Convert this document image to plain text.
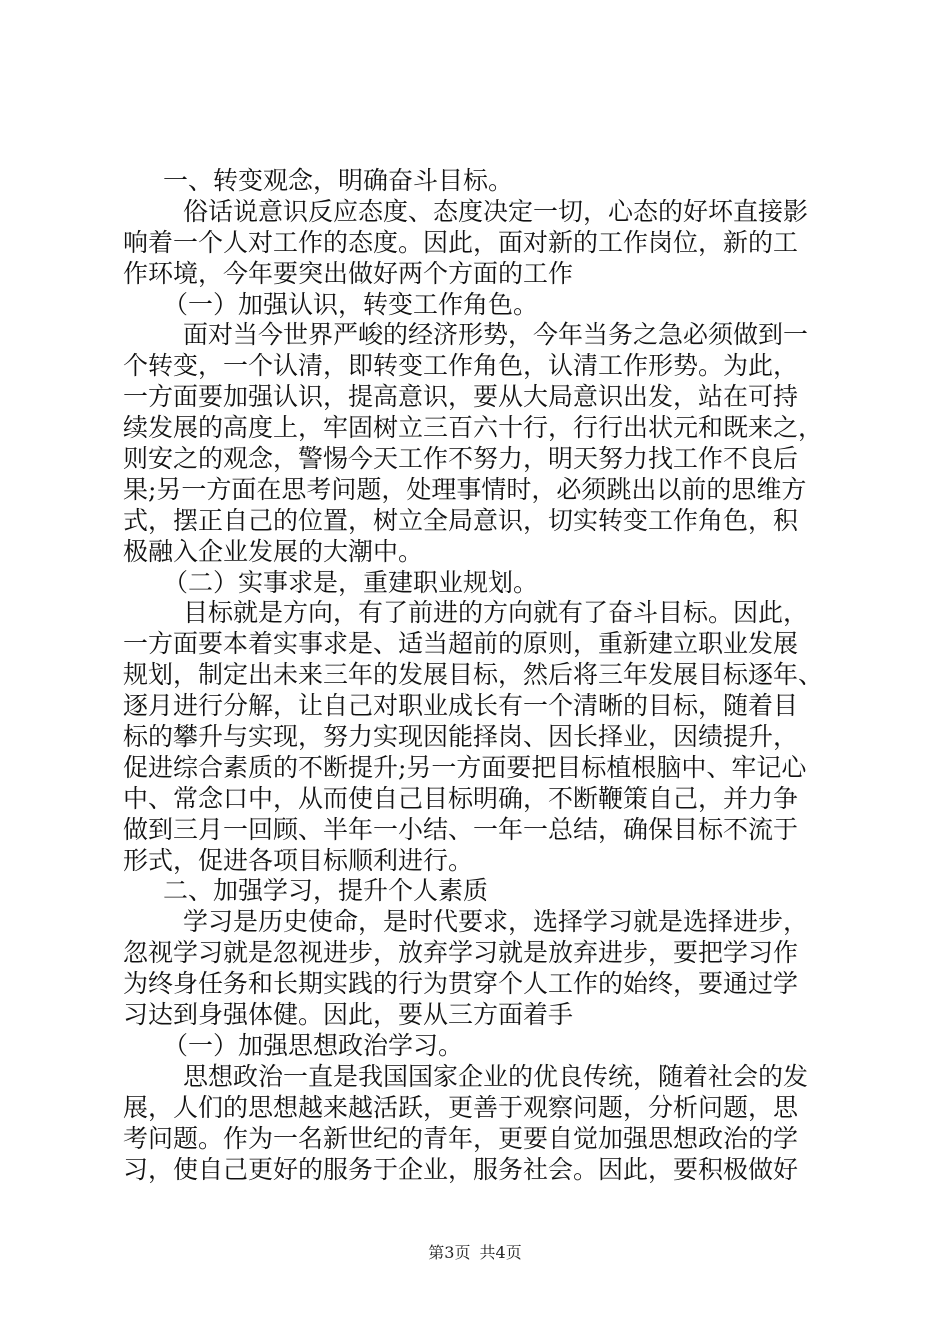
一、转变观念，明确奋斗目标。
俗话说意识反应态度、态度决定一切，心态的好坏直接影
响着一个人对工作的态度。因此，面对新的工作岗位，新的工
作环境，今年要突出做好两个方面的工作
（一）加强认识，转变工作角色。
面对当今世界严峻的经济形势，今年当务之急必须做到一
个转变，一个认清，即转变工作角色，认清工作形势。为此，
一方面要加强认识，提高意识，要从大局意识出发，站在可持
续发展的高度上，牢固树立三百六十行，行行出状元和既来之，
则安之的观念，警惕今天工作不努力，明天努力找工作不良后
果;另一方面在思考问题，处理事情时，必须跳出以前的思维方
式，摆正自己的位置，树立全局意识，切实转变工作角色，积
极融入企业发展的大潮中。
（二）实事求是，重建职业规划。
目标就是方向，有了前进的方向就有了奋斗目标。因此，
一方面要本着实事求是、适当超前的原则，重新建立职业发展
规划，制定出未来三年的发展目标，然后将三年发展目标逐年、
逐月进行分解，让自己对职业成长有一个清晰的目标，随着目
标的攀升与实现，努力实现因能择岗、因长择业，因绩提升，
促进综合素质的不断提升;另一方面要把目标植根脑中、牢记心
中、常念口中，从而使自己目标明确，不断鞭策自己，并力争
做到三月一回顾、半年一小结、一年一总结，确保目标不流于
形式，促进各项目标顺利进行。
二、加强学习，提升个人素质
学习是历史使命，是时代要求，选择学习就是选择进步，
忽视学习就是忽视进步，放弃学习就是放弃进步，要把学习作
为终身任务和长期实践的行为贯穿个人工作的始终，要通过学
习达到身强体健。因此，要从三方面着手
（一）加强思想政治学习。
思想政治一直是我国国家企业的优良传统，随着社会的发
展，人们的思想越来越活跃，更善于观察问题，分析问题，思
考问题。作为一名新世纪的青年，更要自觉加强思想政治的学
习，使自己更好的服务于企业，服务社会。因此，要积极做好
第3页 共4页
